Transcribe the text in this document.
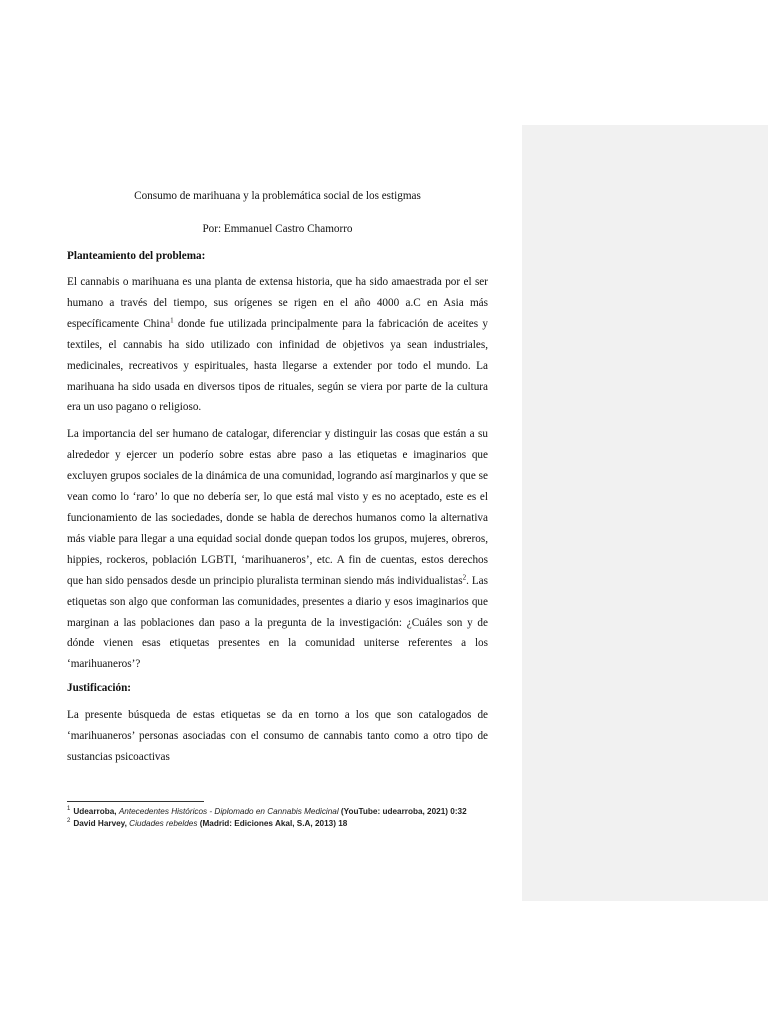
Consumo de marihuana y la problemática social de los estigmas

Por: Emmanuel Castro Chamorro

Planteamiento del problema:

El cannabis o marihuana es una planta de extensa historia, que ha sido amaestrada por el ser humano a través del tiempo, sus orígenes se rigen en el año 4000 a.C en Asia más específicamente China$^1$ donde fue utilizada principalmente para la fabricación de aceites y textiles, el cannabis ha sido utilizado con infinidad de objetivos ya sean industriales, medicinales, recreativos y espirituales, hasta llegarse a extender por todo el mundo. La marihuana ha sido usada en diversos tipos de rituales, según se viera por parte de la cultura era un uso pagano o religioso.

La importancia del ser humano de catalogar, diferenciar y distinguir las cosas que están a su alrededor y ejercer un poderío sobre estas abre paso a las etiquetas e imaginarios que excluyen grupos sociales de la dinámica de una comunidad, logrando así marginarlos y que se vean como lo ‘raro’ lo que no debería ser, lo que está mal visto y es no aceptado, este es el funcionamiento de las sociedades, donde se habla de derechos humanos como la alternativa más viable para llegar a una equidad social donde quepan todos los grupos, mujeres, obreros, hippies, rockeros, población LGBTI, ‘marihuaneros’, etc. A fin de cuentas, estos derechos que han sido pensados desde un principio pluralista terminan siendo más individualistas$^2$. Las etiquetas son algo que conforman las comunidades, presentes a diario y esos imaginarios que marginan a las poblaciones dan paso a la pregunta de la investigación: ¿Cuáles son y de dónde vienen esas etiquetas presentes en la comunidad uniterse referentes a los ‘marihuaneros’?

Justificación:

La presente búsqueda de estas etiquetas se da en torno a los que son catalogados de ‘marihuaneros’ personas asociadas con el consumo de cannabis tanto como a otro tipo de sustancias psicoactivas

$^1$ Udearroba, Antecedentes Históricos - Diplomado en Cannabis Medicinal (YouTube: udearroba, 2021) 0:32

$^2$ David Harvey, Ciudades rebeldes (Madrid: Ediciones Akal, S.A, 2013) 18
